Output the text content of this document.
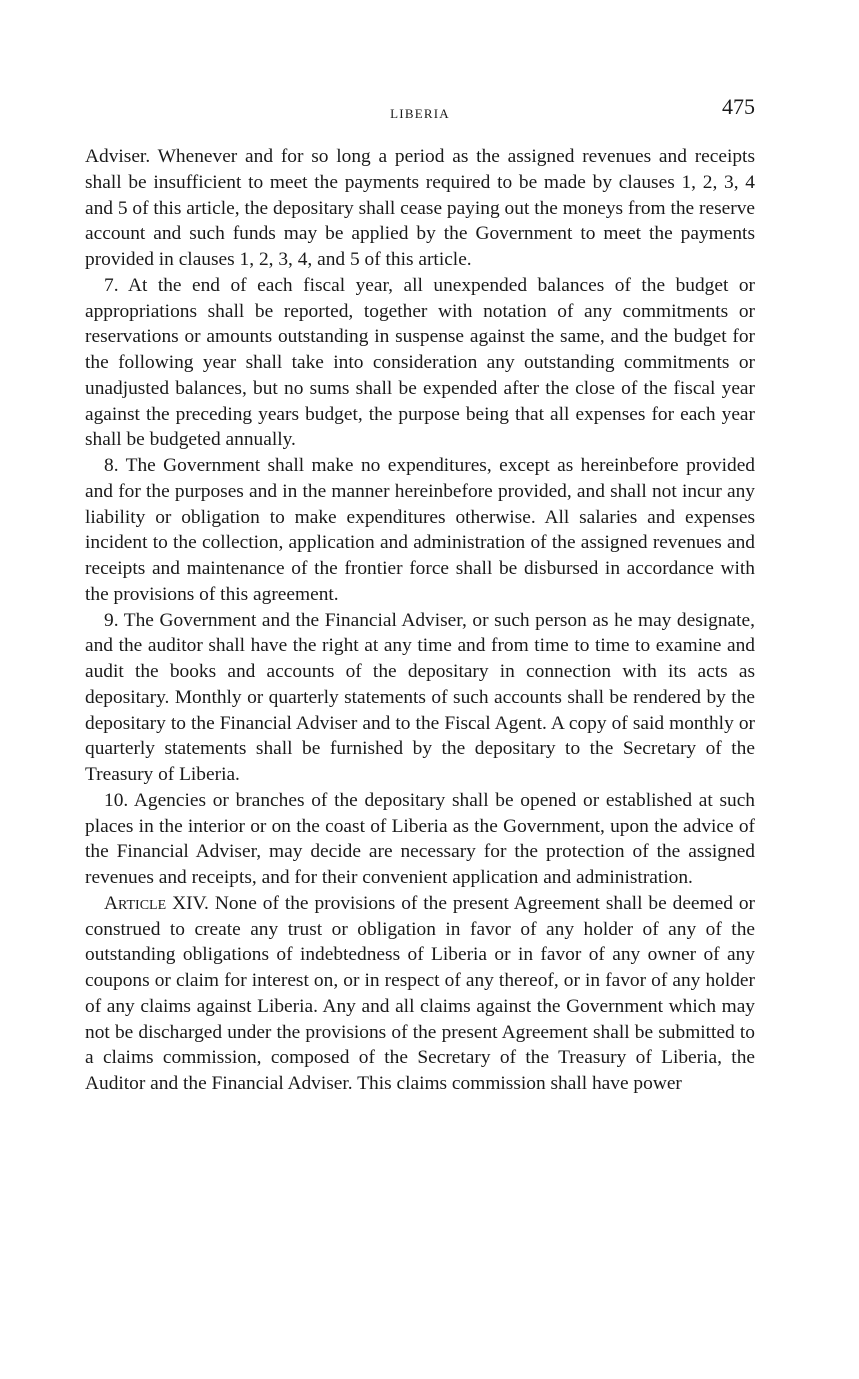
LIBERIA	475

Adviser. Whenever and for so long a period as the assigned revenues and receipts shall be insufficient to meet the payments required to be made by clauses 1, 2, 3, 4 and 5 of this article, the depositary shall cease paying out the moneys from the reserve account and such funds may be applied by the Government to meet the payments provided in clauses 1, 2, 3, 4, and 5 of this article.

7. At the end of each fiscal year, all unexpended balances of the budget or appropriations shall be reported, together with notation of any commitments or reservations or amounts outstanding in suspense against the same, and the budget for the following year shall take into consideration any outstanding commitments or unadjusted balances, but no sums shall be expended after the close of the fiscal year against the preceding years budget, the purpose being that all expenses for each year shall be budgeted annually.

8. The Government shall make no expenditures, except as hereinbefore provided and for the purposes and in the manner hereinbefore provided, and shall not incur any liability or obligation to make expenditures otherwise. All salaries and expenses incident to the collection, application and administration of the assigned revenues and receipts and maintenance of the frontier force shall be disbursed in accordance with the provisions of this agreement.

9. The Government and the Financial Adviser, or such person as he may designate, and the auditor shall have the right at any time and from time to time to examine and audit the books and accounts of the depositary in connection with its acts as depositary. Monthly or quarterly statements of such accounts shall be rendered by the depositary to the Financial Adviser and to the Fiscal Agent. A copy of said monthly or quarterly statements shall be furnished by the depositary to the Secretary of the Treasury of Liberia.

10. Agencies or branches of the depositary shall be opened or established at such places in the interior or on the coast of Liberia as the Government, upon the advice of the Financial Adviser, may decide are necessary for the protection of the assigned revenues and receipts, and for their convenient application and administration.

Article XIV. None of the provisions of the present Agreement shall be deemed or construed to create any trust or obligation in favor of any holder of any of the outstanding obligations of indebtedness of Liberia or in favor of any owner of any coupons or claim for interest on, or in respect of any thereof, or in favor of any holder of any claims against Liberia. Any and all claims against the Government which may not be discharged under the provisions of the present Agreement shall be submitted to a claims commission, composed of the Secretary of the Treasury of Liberia, the Auditor and the Financial Adviser. This claims commission shall have power
